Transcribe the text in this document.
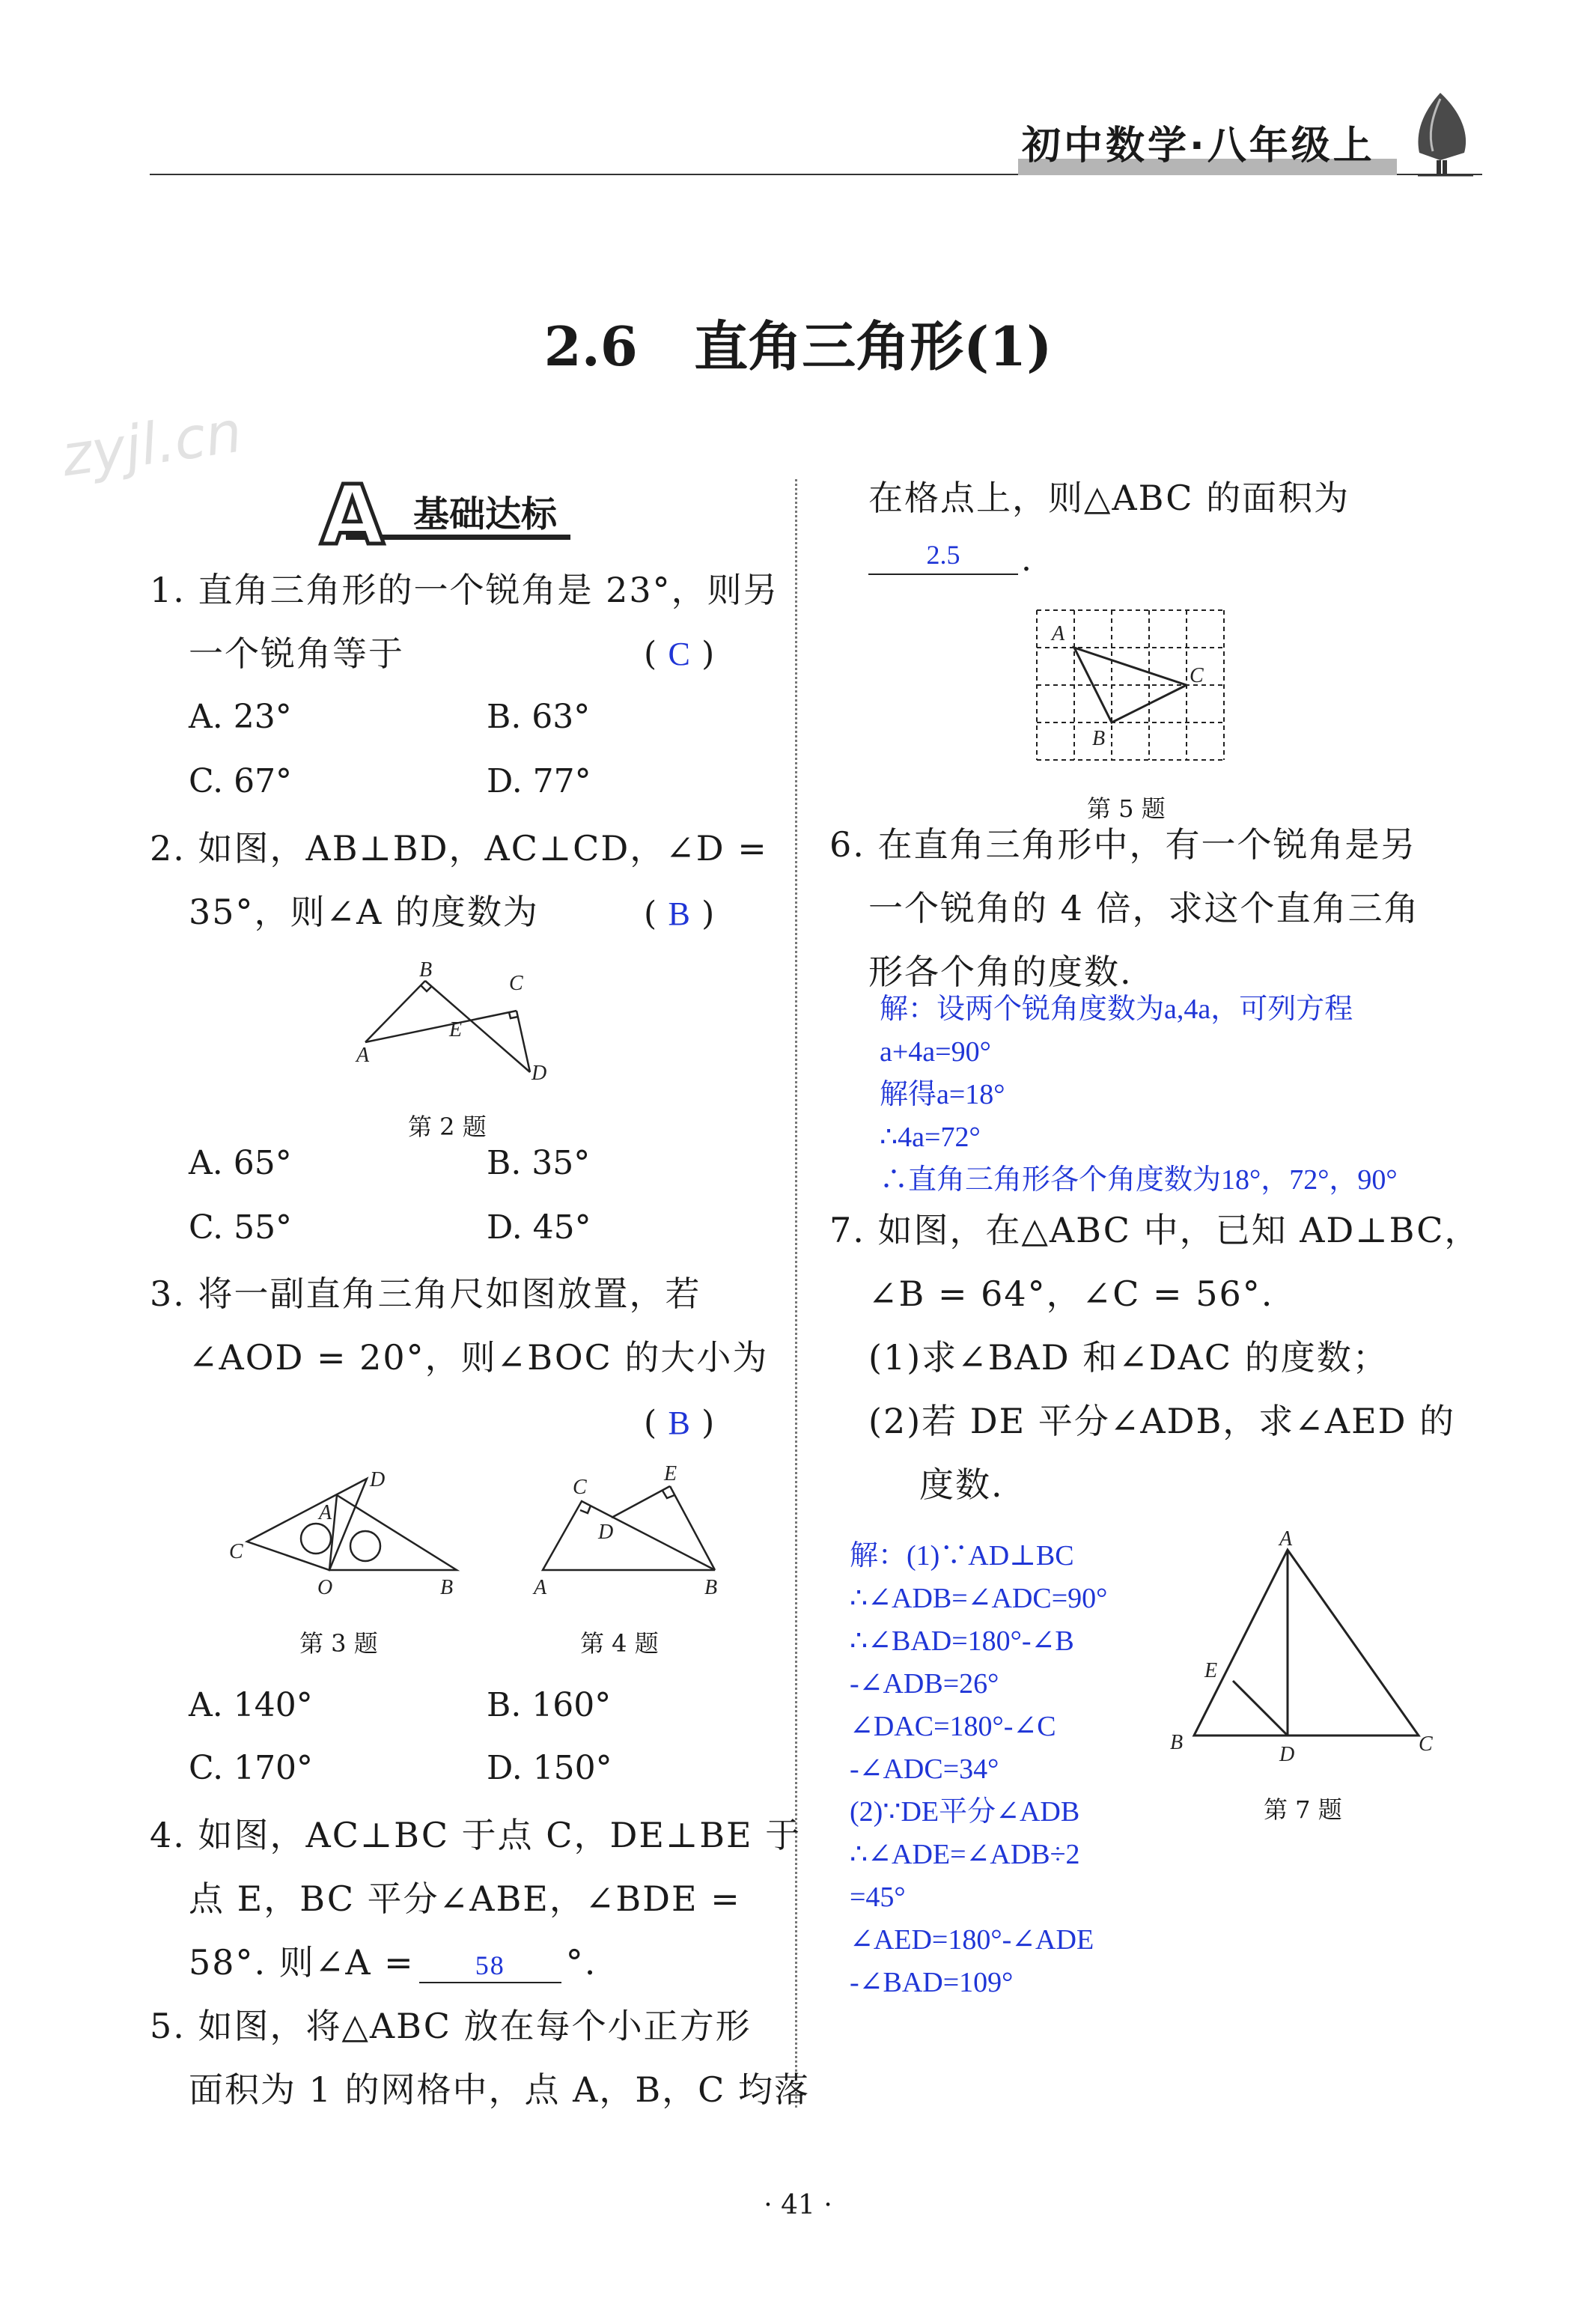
初中数学·八年级上
2.6   直角三角形(1)
zyjl.cn
A 基础达标
1. 直角三角形的一个锐角是 23°，则另
一个锐角等于	( C )
A. 23°	B. 63°
C. 67°	D. 77°
2. 如图，AB⊥BD，AC⊥CD，∠D =
35°，则∠A 的度数为	( B )
B
C
E
A
D
第 2 题
A. 65°	B. 35°
C. 55°	D. 45°
3. 将一副直角三角尺如图放置，若
∠AOD = 20°，则∠BOC 的大小为
( B )
D
A
C
O	B
第 3 题
C
E
D
A	B
第 4 题
A. 140°	B. 160°
C. 170°	D. 150°
4. 如图，AC⊥BC 于点 C，DE⊥BE 于
点 E，BC 平分∠ABE，∠BDE =
58°. 则∠A = 58 °.
5. 如图，将△ABC 放在每个小正方形
面积为 1 的网格中，点 A，B，C 均落
在格点上，则△ABC 的面积为
2.5	.
A
C
B
第 5 题
6. 在直角三角形中，有一个锐角是另
一个锐角的 4 倍，求这个直角三角
形各个角的度数.
解：设两个锐角度数为a,4a，可列方程
a+4a=90°
解得a=18°
∴4a=72°
∴直角三角形各个角度数为18°，72°，90°
7. 如图，在△ABC 中，已知 AD⊥BC，
∠B = 64°，∠C = 56°.
(1)求∠BAD 和∠DAC 的度数；
(2)若 DE 平分∠ADB，求∠AED 的
度数.
解：(1)∵AD⊥BC
∴∠ADB=∠ADC=90°
∴∠BAD=180°-∠B
-∠ADB=26°
∠DAC=180°-∠C
-∠ADC=34°
(2)∵DE平分∠ADB
∴∠ADE=∠ADB÷2
=45°
∠AED=180°-∠ADE
-∠BAD=109°
A
E
B
D	C
第 7 题
· 41 ·
